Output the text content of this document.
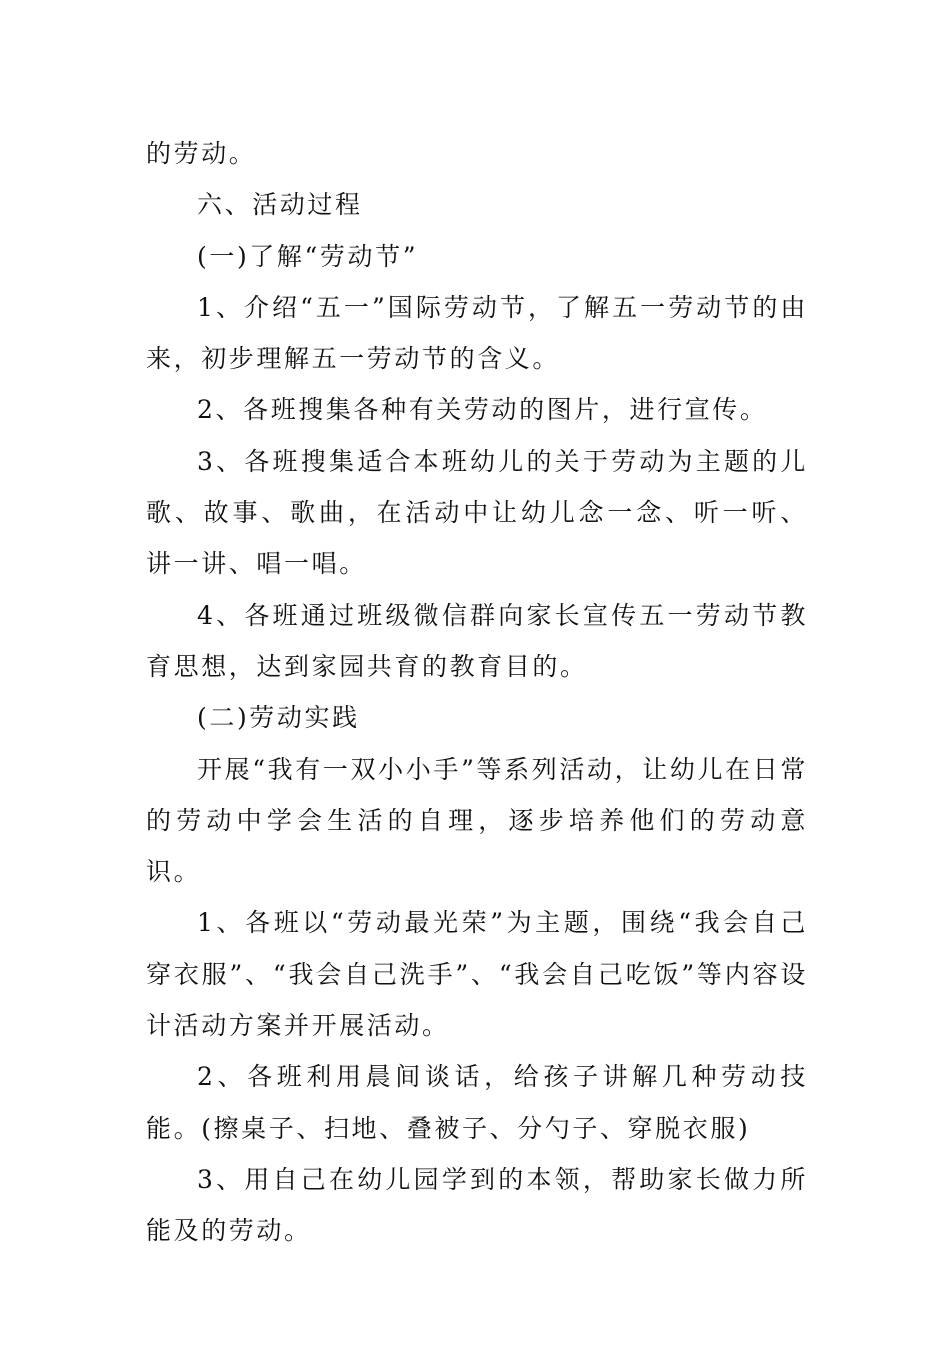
的劳动。

六、活动过程

(一)了解“劳动节”

1、介绍“五一”国际劳动节，了解五一劳动节的由来，初步理解五一劳动节的含义。

2、各班搜集各种有关劳动的图片，进行宣传。

3、各班搜集适合本班幼儿的关于劳动为主题的儿歌、故事、歌曲，在活动中让幼儿念一念、听一听、讲一讲、唱一唱。

4、各班通过班级微信群向家长宣传五一劳动节教育思想，达到家园共育的教育目的。

(二)劳动实践

开展“我有一双小小手”等系列活动，让幼儿在日常的劳动中学会生活的自理，逐步培养他们的劳动意识。

1、各班以“劳动最光荣”为主题，围绕“我会自己穿衣服”、“我会自己洗手”、“我会自己吃饭”等内容设计活动方案并开展活动。

2、各班利用晨间谈话，给孩子讲解几种劳动技能。(擦桌子、扫地、叠被子、分勺子、穿脱衣服)

3、用自己在幼儿园学到的本领，帮助家长做力所能及的劳动。
